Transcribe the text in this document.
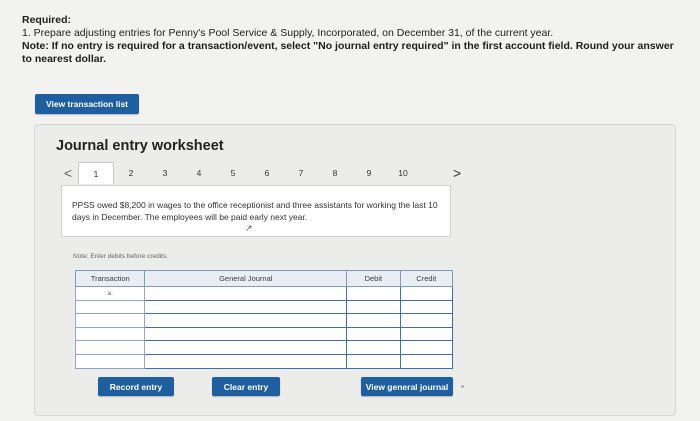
Required:
1. Prepare adjusting entries for Penny's Pool Service & Supply, Incorporated, on December 31, of the current year.
Note: If no entry is required for a transaction/event, select "No journal entry required" in the first account field. Round your answer to nearest dollar.
View transaction list
Journal entry worksheet
<	1	2	3	4	5	6	7	8	9	10	>
PPSS owed $8,200 in wages to the office receptionist and three assistants for working the last 10 days in December. The employees will be paid early next year.
↗
Note: Enter debits before credits.
Transaction	General Journal	Debit	Credit
a.			

Record entry	Clear entry	View general journal
